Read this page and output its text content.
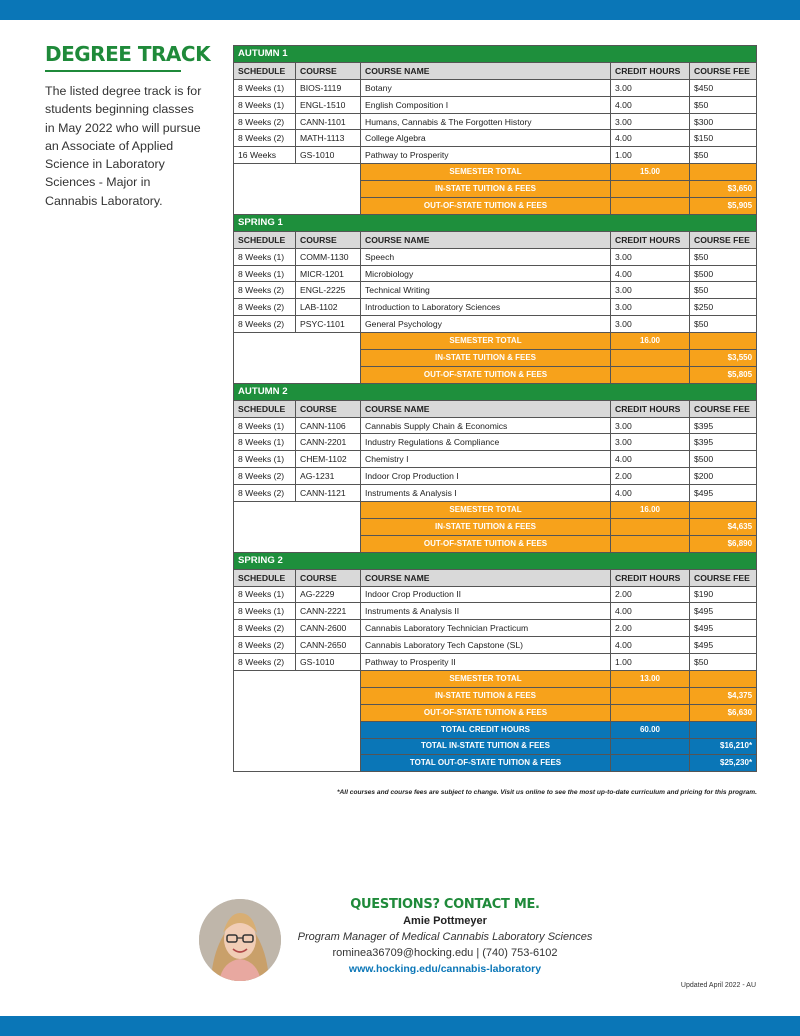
DEGREE TRACK

The listed degree track is for students beginning classes in May 2022 who will pursue an Associate of Applied Science in Laboratory Sciences - Major in Cannabis Laboratory.

AUTUMN 1				
SCHEDULE	COURSE	COURSE NAME	CREDIT HOURS	COURSE FEE
8 Weeks (1)	BIOS-1119	Botany	3.00	$450
8 Weeks (1)	ENGL-1510	English Composition I	4.00	$50
8 Weeks (2)	CANN-1101	Humans, Cannabis & The Forgotten History	3.00	$300
8 Weeks (2)	MATH-1113	College Algebra	4.00	$150
16 Weeks	GS-1010	Pathway to Prosperity	1.00	$50
		SEMESTER TOTAL	15.00	
		IN-STATE TUITION & FEES		$3,650
		OUT-OF-STATE TUITION & FEES		$5,905
SPRING 1				
SCHEDULE	COURSE	COURSE NAME	CREDIT HOURS	COURSE FEE
8 Weeks (1)	COMM-1130	Speech	3.00	$50
8 Weeks (1)	MICR-1201	Microbiology	4.00	$500
8 Weeks (2)	ENGL-2225	Technical Writing	3.00	$50
8 Weeks (2)	LAB-1102	Introduction to Laboratory Sciences	3.00	$250
8 Weeks (2)	PSYC-1101	General Psychology	3.00	$50
		SEMESTER TOTAL	16.00	
		IN-STATE TUITION & FEES		$3,550
		OUT-OF-STATE TUITION & FEES		$5,805
AUTUMN 2				
SCHEDULE	COURSE	COURSE NAME	CREDIT HOURS	COURSE FEE
8 Weeks (1)	CANN-1106	Cannabis Supply Chain & Economics	3.00	$395
8 Weeks (1)	CANN-2201	Industry Regulations & Compliance	3.00	$395
8 Weeks (1)	CHEM-1102	Chemistry I	4.00	$500
8 Weeks (2)	AG-1231	Indoor Crop Production I	2.00	$200
8 Weeks (2)	CANN-1121	Instruments & Analysis I	4.00	$495
		SEMESTER TOTAL	16.00	
		IN-STATE TUITION & FEES		$4,635
		OUT-OF-STATE TUITION & FEES		$6,890
SPRING 2				
SCHEDULE	COURSE	COURSE NAME	CREDIT HOURS	COURSE FEE
8 Weeks (1)	AG-2229	Indoor Crop Production II	2.00	$190
8 Weeks (1)	CANN-2221	Instruments & Analysis II	4.00	$495
8 Weeks (2)	CANN-2600	Cannabis Laboratory Technician Practicum	2.00	$495
8 Weeks (2)	CANN-2650	Cannabis Laboratory Tech Capstone (SL)	4.00	$495
8 Weeks (2)	GS-1010	Pathway to Prosperity II	1.00	$50
		SEMESTER TOTAL	13.00	
		IN-STATE TUITION & FEES		$4,375
		OUT-OF-STATE TUITION & FEES		$6,630
		TOTAL CREDIT HOURS	60.00	
		TOTAL IN-STATE TUITION & FEES		$16,210*
		TOTAL OUT-OF-STATE TUITION & FEES		$25,230*
*All courses and course fees are subject to change. Visit us online to see the most up-to-date curriculum and pricing for this program.
QUESTIONS? CONTACT ME.
Amie Pottmeyer
Program Manager of Medical Cannabis Laboratory Sciences
rominea36709@hocking.edu | (740) 753-6102
www.hocking.edu/cannabis-laboratory
Updated April 2022 - AU
